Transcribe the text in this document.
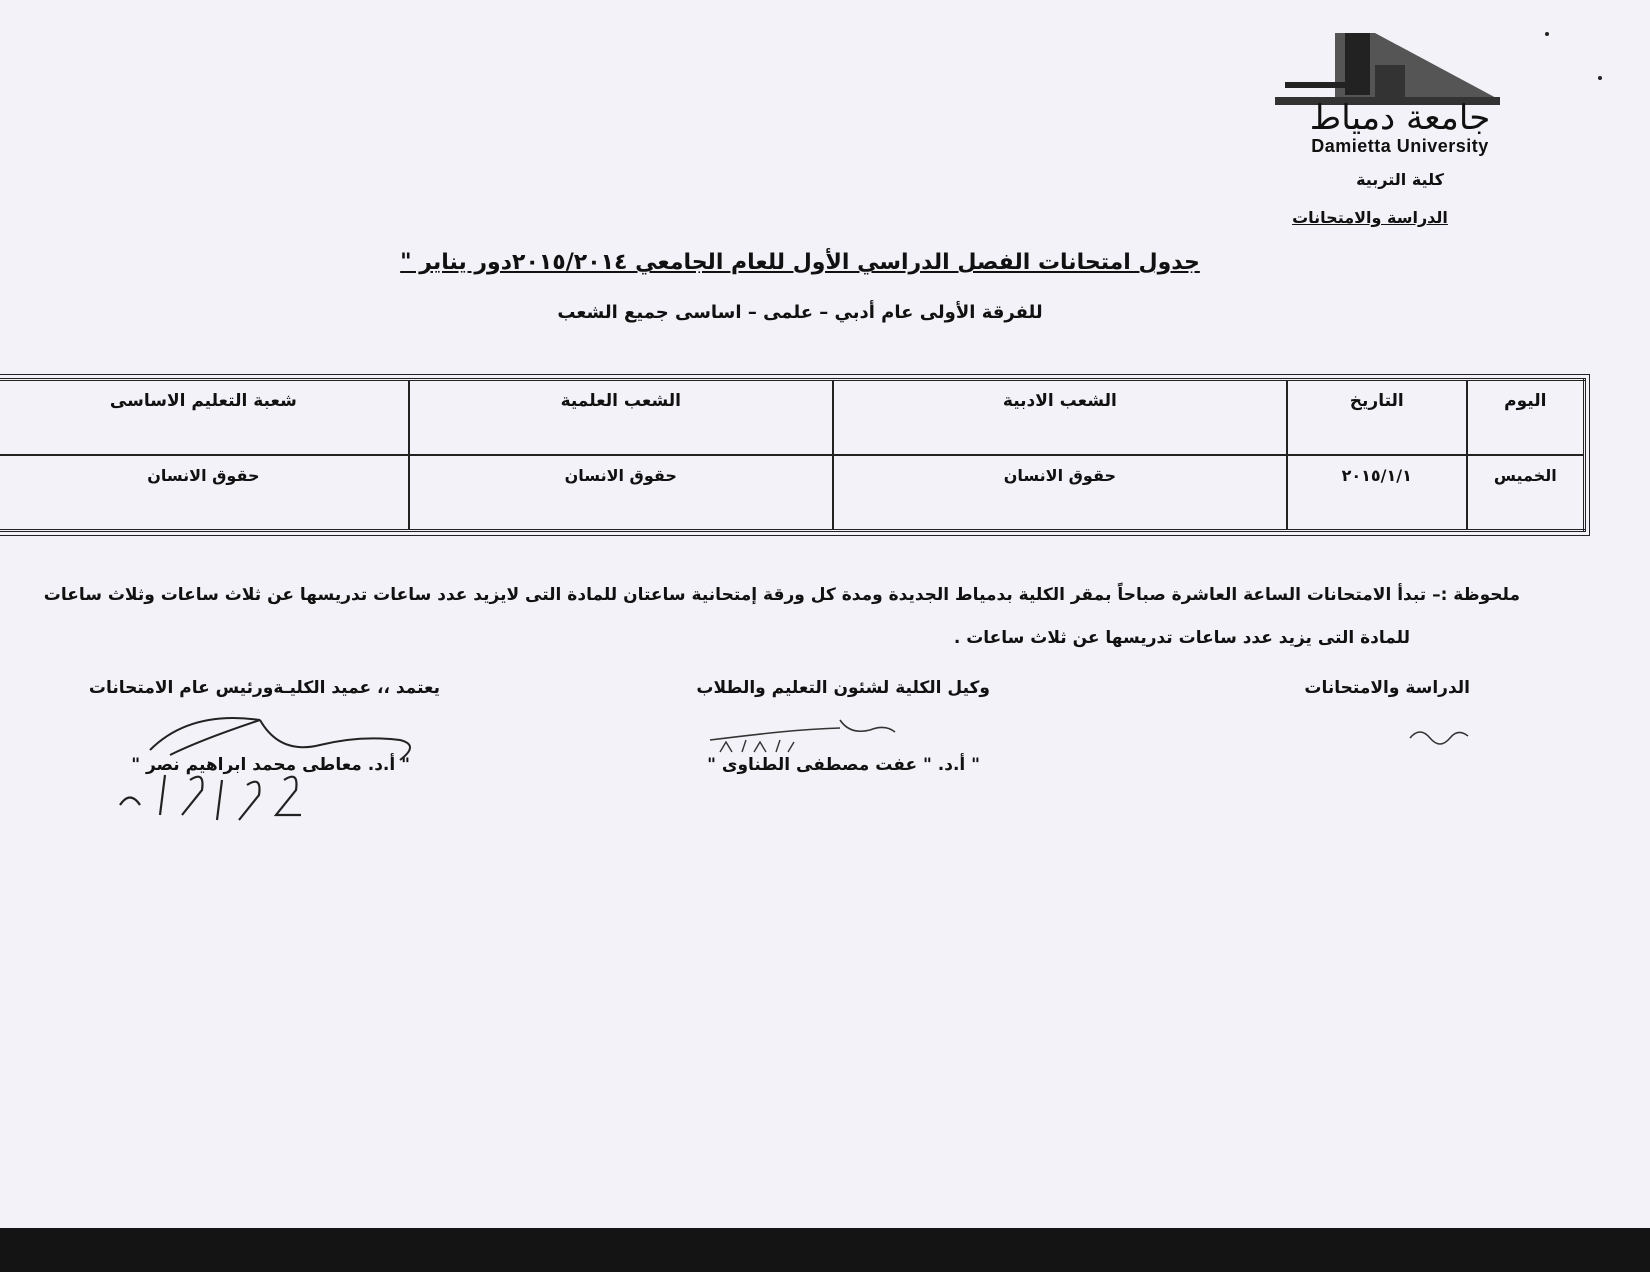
جامعة دمياط
Damietta University
كلية التربية
الدراسة والامتحانات
جدول امتحانات الفصل الدراسي الأول للعام الجامعي ٢٠١٥/٢٠١٤دور يناير "
للفرقة الأولى عام أدبي – علمى – اساسى جميع الشعب
اليوم	التاريخ	الشعب الادبية	الشعب العلمية	شعبة التعليم الاساسى
الخميس	٢٠١٥/١/١	حقوق الانسان	حقوق الانسان	حقوق الانسان
ملحوظة :– تبدأ الامتحانات الساعة العاشرة صباحاً بمقر الكلية بدمياط الجديدة ومدة كل ورقة إمتحانية ساعتان للمادة التى لايزيد عدد ساعات تدريسها عن ثلاث ساعات وثلاث ساعات
للمادة التى يزيد عدد ساعات تدريسها عن ثلاث ساعات .
الدراسة والامتحانات
وكيل الكلية لشئون التعليم والطلاب
" أ.د. " عفت مصطفى الطناوى "
يعتمد ،، عميد الكليـةورئيس عام الامتحانات
" أ.د. معاطى محمد ابراهيم نصر "
